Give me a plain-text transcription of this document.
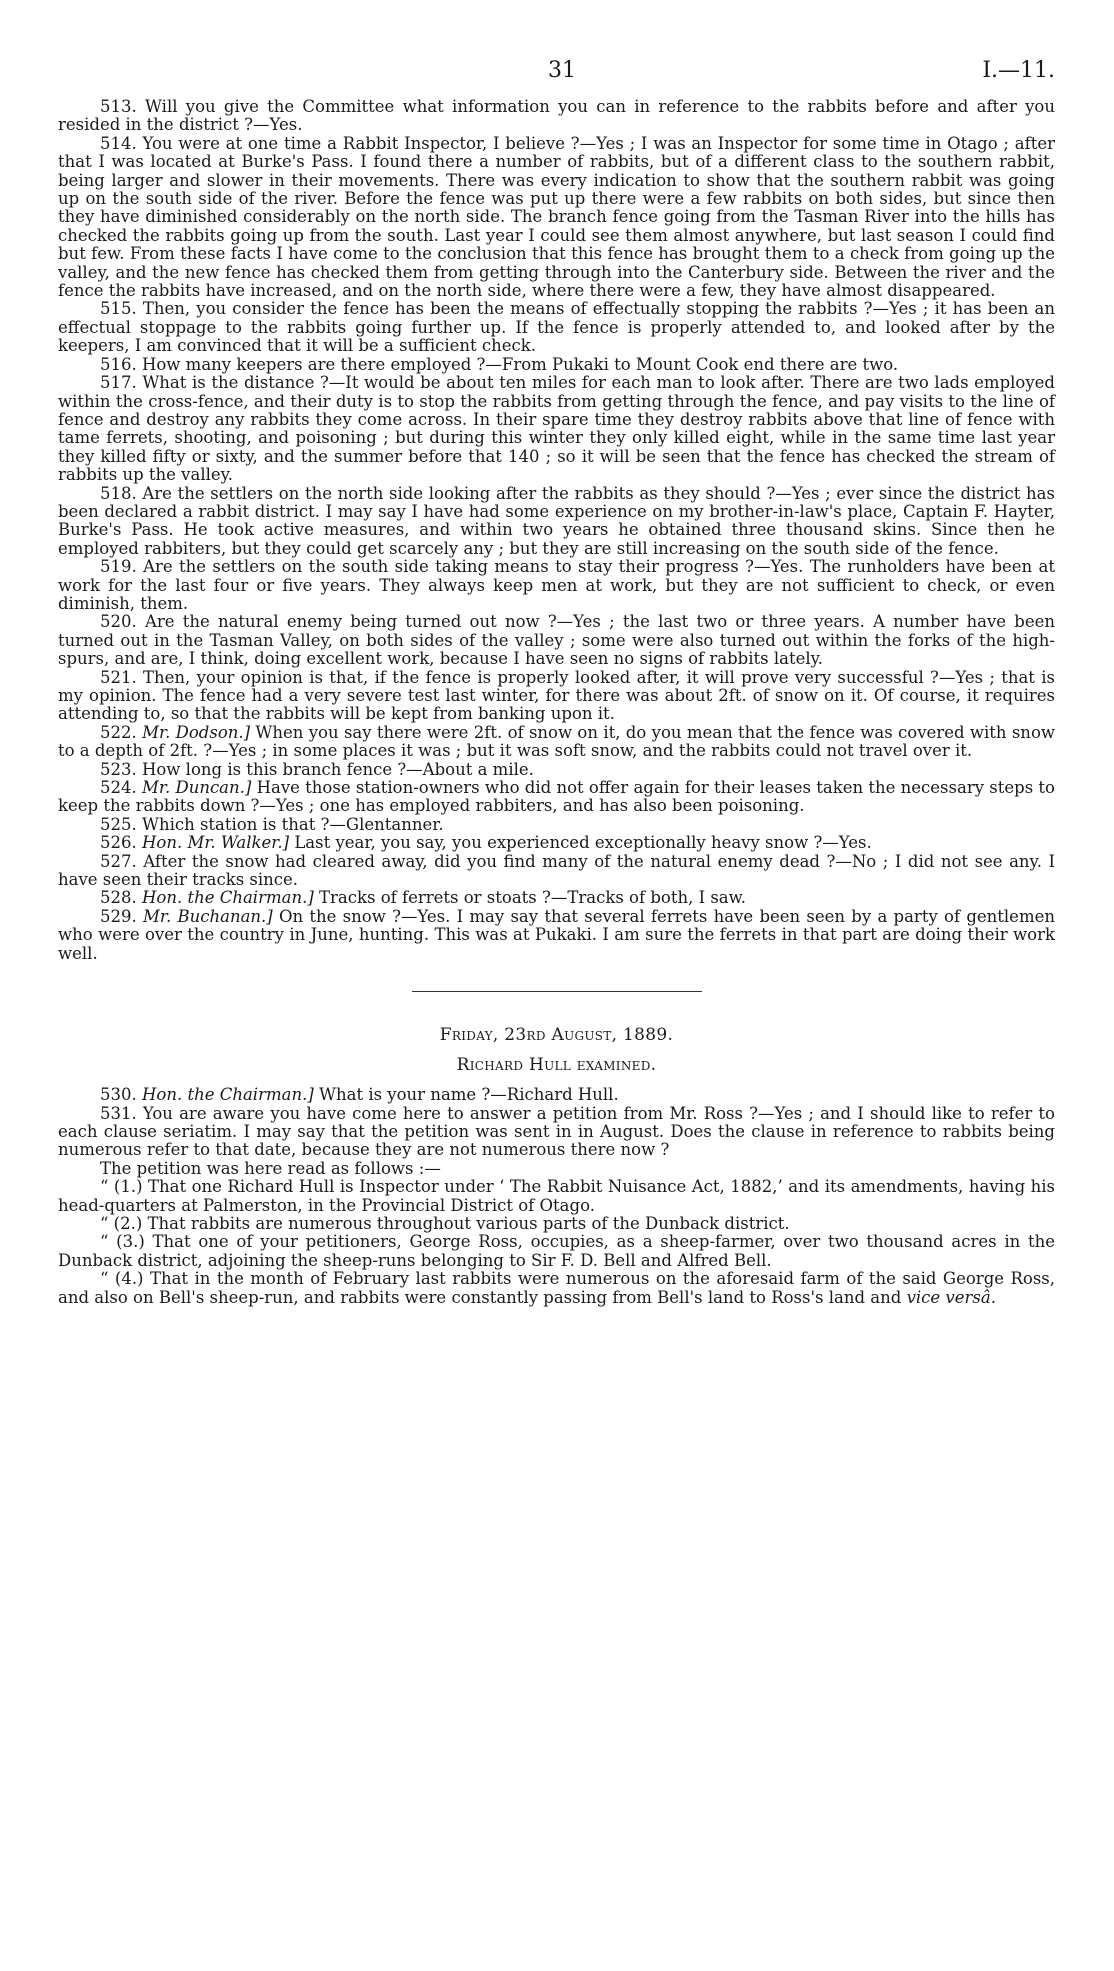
31	I.—11.

513. Will you give the Committee what information you can in reference to the rabbits before and after you resided in the district ?—Yes.

514. You were at one time a Rabbit Inspector, I believe ?—Yes ; I was an Inspector for some time in Otago ; after that I was located at Burke's Pass. I found there a number of rabbits, but of a different class to the southern rabbit, being larger and slower in their movements. There was every indication to show that the southern rabbit was going up on the south side of the river. Before the fence was put up there were a few rabbits on both sides, but since then they have diminished considerably on the north side. The branch fence going from the Tasman River into the hills has checked the rabbits going up from the south. Last year I could see them almost anywhere, but last season I could find but few. From these facts I have come to the conclusion that this fence has brought them to a check from going up the valley, and the new fence has checked them from getting through into the Canterbury side. Between the river and the fence the rabbits have increased, and on the north side, where there were a few, they have almost disappeared.

515. Then, you consider the fence has been the means of effectually stopping the rabbits ?—Yes ; it has been an effectual stoppage to the rabbits going further up. If the fence is properly attended to, and looked after by the keepers, I am convinced that it will be a sufficient check.

516. How many keepers are there employed ?—From Pukaki to Mount Cook end there are two.

517. What is the distance ?—It would be about ten miles for each man to look after. There are two lads employed within the cross-fence, and their duty is to stop the rabbits from getting through the fence, and pay visits to the line of fence and destroy any rabbits they come across. In their spare time they destroy rabbits above that line of fence with tame ferrets, shooting, and poisoning ; but during this winter they only killed eight, while in the same time last year they killed fifty or sixty, and the summer before that 140 ; so it will be seen that the fence has checked the stream of rabbits up the valley.

518. Are the settlers on the north side looking after the rabbits as they should ?—Yes ; ever since the district has been declared a rabbit district. I may say I have had some experience on my brother-in-law's place, Captain F. Hayter, Burke's Pass. He took active measures, and within two years he obtained three thousand skins. Since then he employed rabbiters, but they could get scarcely any ; but they are still increasing on the south side of the fence.

519. Are the settlers on the south side taking means to stay their progress ?—Yes. The runholders have been at work for the last four or five years. They always keep men at work, but they are not sufficient to check, or even diminish, them.

520. Are the natural enemy being turned out now ?—Yes ; the last two or three years. A number have been turned out in the Tasman Valley, on both sides of the valley ; some were also turned out within the forks of the high-spurs, and are, I think, doing excellent work, because I have seen no signs of rabbits lately.

521. Then, your opinion is that, if the fence is properly looked after, it will prove very successful ?—Yes ; that is my opinion. The fence had a very severe test last winter, for there was about 2ft. of snow on it. Of course, it requires attending to, so that the rabbits will be kept from banking upon it.

522. Mr. Dodson.] When you say there were 2ft. of snow on it, do you mean that the fence was covered with snow to a depth of 2ft. ?—Yes ; in some places it was ; but it was soft snow, and the rabbits could not travel over it.

523. How long is this branch fence ?—About a mile.

524. Mr. Duncan.] Have those station-owners who did not offer again for their leases taken the necessary steps to keep the rabbits down ?—Yes ; one has employed rabbiters, and has also been poisoning.

525. Which station is that ?—Glentanner.

526. Hon. Mr. Walker.] Last year, you say, you experienced exceptionally heavy snow ?—Yes.

527. After the snow had cleared away, did you find many of the natural enemy dead ?—No ; I did not see any. I have seen their tracks since.

528. Hon. the Chairman.] Tracks of ferrets or stoats ?—Tracks of both, I saw.

529. Mr. Buchanan.] On the snow ?—Yes. I may say that several ferrets have been seen by a party of gentlemen who were over the country in June, hunting. This was at Pukaki. I am sure the ferrets in that part are doing their work well.

Friday, 23rd August, 1889.

Richard Hull examined.

530. Hon. the Chairman.] What is your name ?—Richard Hull.

531. You are aware you have come here to answer a petition from Mr. Ross ?—Yes ; and I should like to refer to each clause seriatim. I may say that the petition was sent in in August. Does the clause in reference to rabbits being numerous refer to that date, because they are not numerous there now ?

The petition was here read as follows :—

“ (1.) That one Richard Hull is Inspector under ‘ The Rabbit Nuisance Act, 1882,’ and its amendments, having his head-quarters at Palmerston, in the Provincial District of Otago.

“ (2.) That rabbits are numerous throughout various parts of the Dunback district.

“ (3.) That one of your petitioners, George Ross, occupies, as a sheep-farmer, over two thousand acres in the Dunback district, adjoining the sheep-runs belonging to Sir F. D. Bell and Alfred Bell.

“ (4.) That in the month of February last rabbits were numerous on the aforesaid farm of the said George Ross, and also on Bell's sheep-run, and rabbits were constantly passing from Bell's land to Ross's land and vice versâ.
